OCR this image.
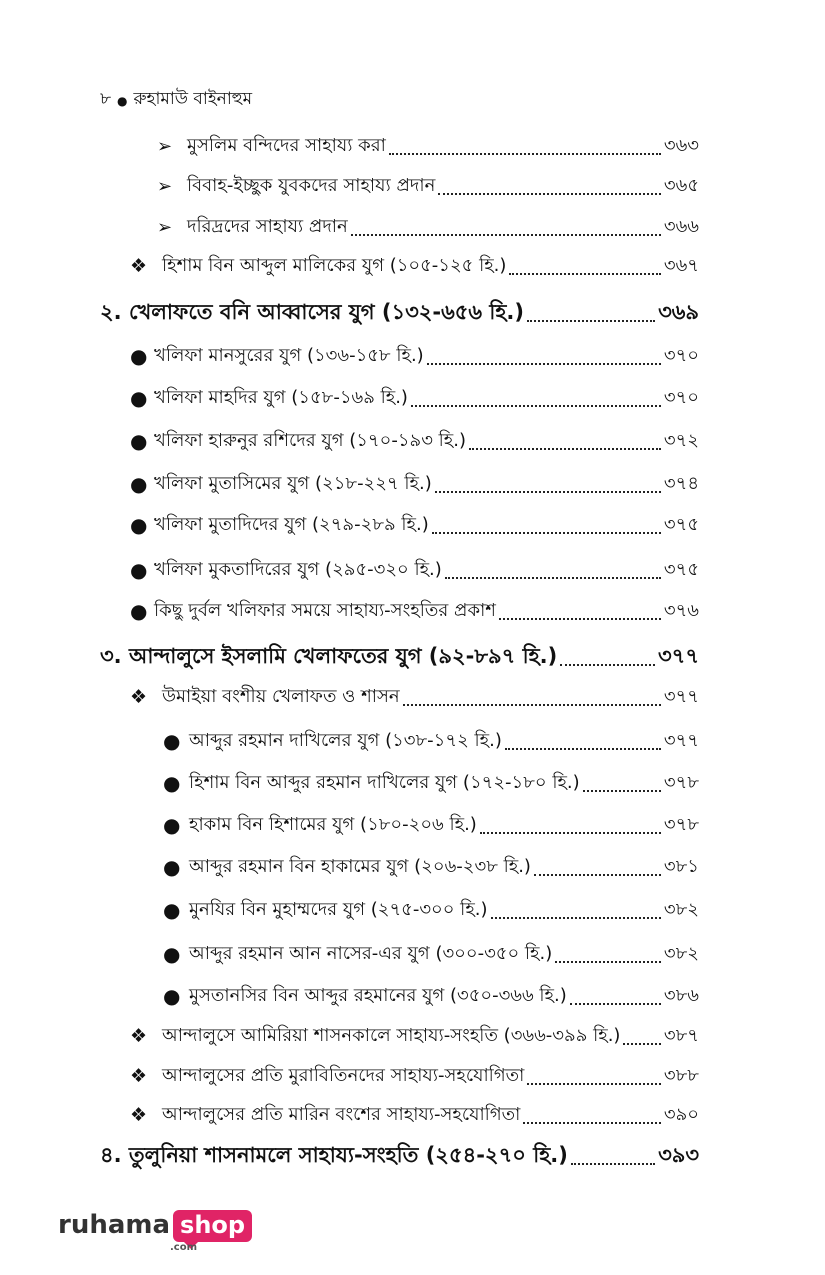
৮ ● রুহামাউ বাইনাহুম
➢ মুসলিম বন্দিদের সাহায্য করা	৩৬৩
➢ বিবাহ-ইচ্ছুক যুবকদের সাহায্য প্রদান	৩৬৫
➢ দরিদ্রদের সাহায্য প্রদান	৩৬৬
❖ হিশাম বিন আব্দুল মালিকের যুগ (১০৫-১২৫ হি.)	৩৬৭
২. খেলাফতে বনি আব্বাসের যুগ (১৩২-৬৫৬ হি.)	৩৬৯
● খলিফা মানসুরের যুগ (১৩৬-১৫৮ হি.)	৩৭০
● খলিফা মাহদির যুগ (১৫৮-১৬৯ হি.)	৩৭০
● খলিফা হারুনুর রশিদের যুগ (১৭০-১৯৩ হি.)	৩৭২
● খলিফা মুতাসিমের যুগ (২১৮-২২৭ হি.)	৩৭৪
● খলিফা মুতাদিদের যুগ (২৭৯-২৮৯ হি.)	৩৭৫
● খলিফা মুকতাদিরের যুগ (২৯৫-৩২০ হি.)	৩৭৫
● কিছু দুর্বল খলিফার সময়ে সাহায্য-সংহতির প্রকাশ	৩৭৬
৩. আন্দালুসে ইসলামি খেলাফতের যুগ (৯২-৮৯৭ হি.)	৩৭৭
❖ উমাইয়া বংশীয় খেলাফত ও শাসন	৩৭৭
● আব্দুর রহমান দাখিলের যুগ (১৩৮-১৭২ হি.)	৩৭৭
● হিশাম বিন আব্দুর রহমান দাখিলের যুগ (১৭২-১৮০ হি.)	৩৭৮
● হাকাম বিন হিশামের যুগ (১৮০-২০৬ হি.)	৩৭৮
● আব্দুর রহমান বিন হাকামের যুগ (২০৬-২৩৮ হি.)	৩৮১
● মুনযির বিন মুহাম্মদের যুগ (২৭৫-৩০০ হি.)	৩৮২
● আব্দুর রহমান আন নাসের-এর যুগ (৩০০-৩৫০ হি.)	৩৮২
● মুসতানসির বিন আব্দুর রহমানের যুগ (৩৫০-৩৬৬ হি.)	৩৮৬
❖ আন্দালুসে আমিরিয়া শাসনকালে সাহায্য-সংহতি (৩৬৬-৩৯৯ হি.) ৩৮৭
❖ আন্দালুসের প্রতি মুরাবিতিনদের সাহায্য-সহযোগিতা	৩৮৮
❖ আন্দালুসের প্রতি মারিন বংশের সাহায্য-সহযোগিতা	৩৯০
৪. তুলুনিয়া শাসনামলে সাহায্য-সংহতি (২৫৪-২৭০ হি.)	৩৯৩
ruhama shop
.com
